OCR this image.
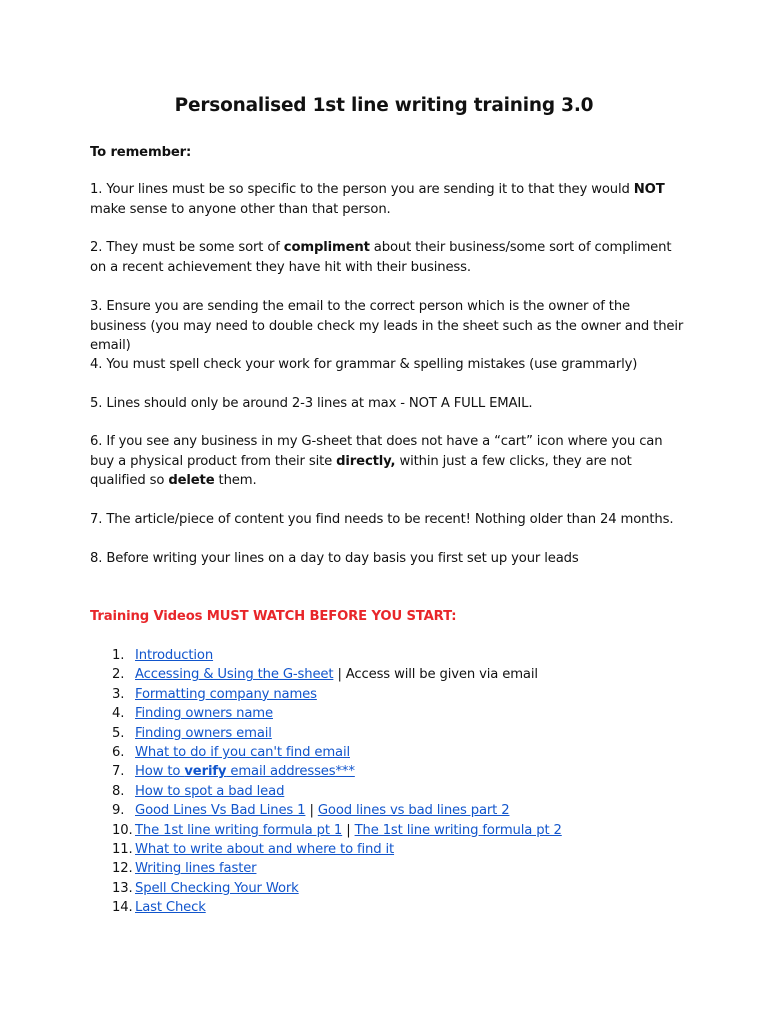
Personalised 1st line writing training 3.0
To remember:
1. Your lines must be so specific to the person you are sending it to that they would NOT make sense to anyone other than that person.
2. They must be some sort of compliment about their business/some sort of compliment on a recent achievement they have hit with their business.
3. Ensure you are sending the email to the correct person which is the owner of the business (you may need to double check my leads in the sheet such as the owner and their email)
4. You must spell check your work for grammar & spelling mistakes (use grammarly)
5. Lines should only be around 2-3 lines at max - NOT A FULL EMAIL.
6. If you see any business in my G-sheet that does not have a “cart” icon where you can buy a physical product from their site directly, within just a few clicks, they are not qualified so delete them.
7. The article/piece of content you find needs to be recent! Nothing older than 24 months.
8. Before writing your lines on a day to day basis you first set up your leads
Training Videos MUST WATCH BEFORE YOU START:
1. Introduction
2. Accessing & Using the G-sheet | Access will be given via email
3. Formatting company names
4. Finding owners name
5. Finding owners email
6. What to do if you can't find email
7. How to verify email addresses***
8. How to spot a bad lead
9. Good Lines Vs Bad Lines 1 | Good lines vs bad lines part 2
10. The 1st line writing formula pt 1 | The 1st line writing formula pt 2
11. What to write about and where to find it
12. Writing lines faster
13. Spell Checking Your Work
14. Last Check
